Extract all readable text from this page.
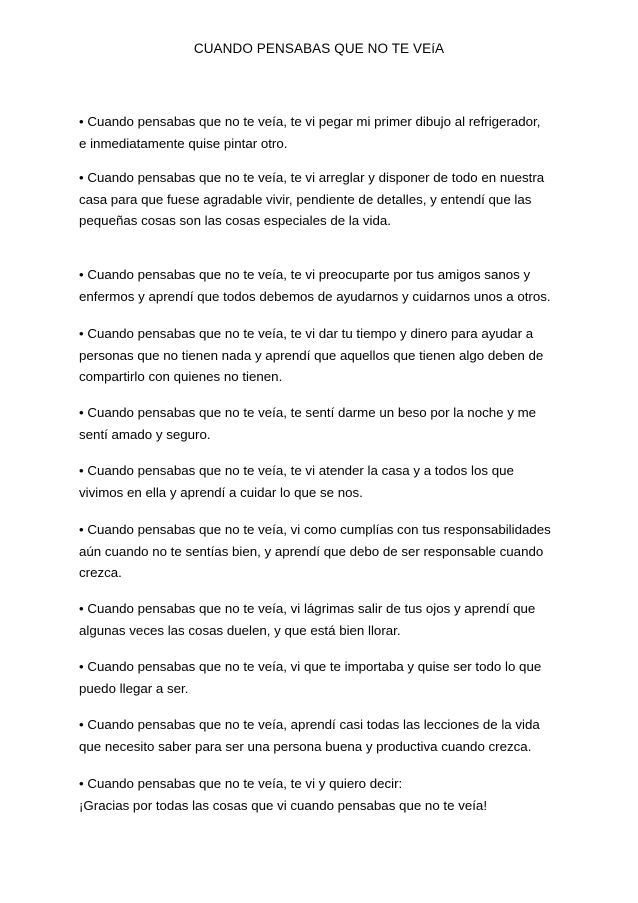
CUANDO PENSABAS QUE NO TE VEíA

• Cuando pensabas que no te veía, te vi pegar mi primer dibujo al refrigerador,
e inmediatamente quise pintar otro.

• Cuando pensabas que no te veía, te vi arreglar y disponer de todo en nuestra
casa para que fuese agradable vivir, pendiente de detalles, y entendí que las
pequeñas cosas son las cosas especiales de la vida.

• Cuando pensabas que no te veía, te vi preocuparte por tus amigos sanos y
enfermos y aprendí que todos debemos de ayudarnos y cuidarnos unos a otros.

• Cuando pensabas que no te veía, te vi dar tu tiempo y dinero para ayudar a
personas que no tienen nada y aprendí que aquellos que tienen algo deben de
compartirlo con quienes no tienen.

• Cuando pensabas que no te veía, te sentí darme un beso por la noche y me
sentí amado y seguro.

• Cuando pensabas que no te veía, te vi atender la casa y a todos los que
vivimos en ella y aprendí a cuidar lo que se nos.

• Cuando pensabas que no te veía, vi como cumplías con tus responsabilidades
aún cuando no te sentías bien, y aprendí que debo de ser responsable cuando
crezca.

• Cuando pensabas que no te veía, vi lágrimas salir de tus ojos y aprendí que
algunas veces las cosas duelen, y que está bien llorar.

• Cuando pensabas que no te veía, vi que te importaba y quise ser todo lo que
puedo llegar a ser.

• Cuando pensabas que no te veía, aprendí casi todas las lecciones de la vida
que necesito saber para ser una persona buena y productiva cuando crezca.

• Cuando pensabas que no te veía, te vi y quiero decir:
¡Gracias por todas las cosas que vi cuando pensabas que no te veía!
